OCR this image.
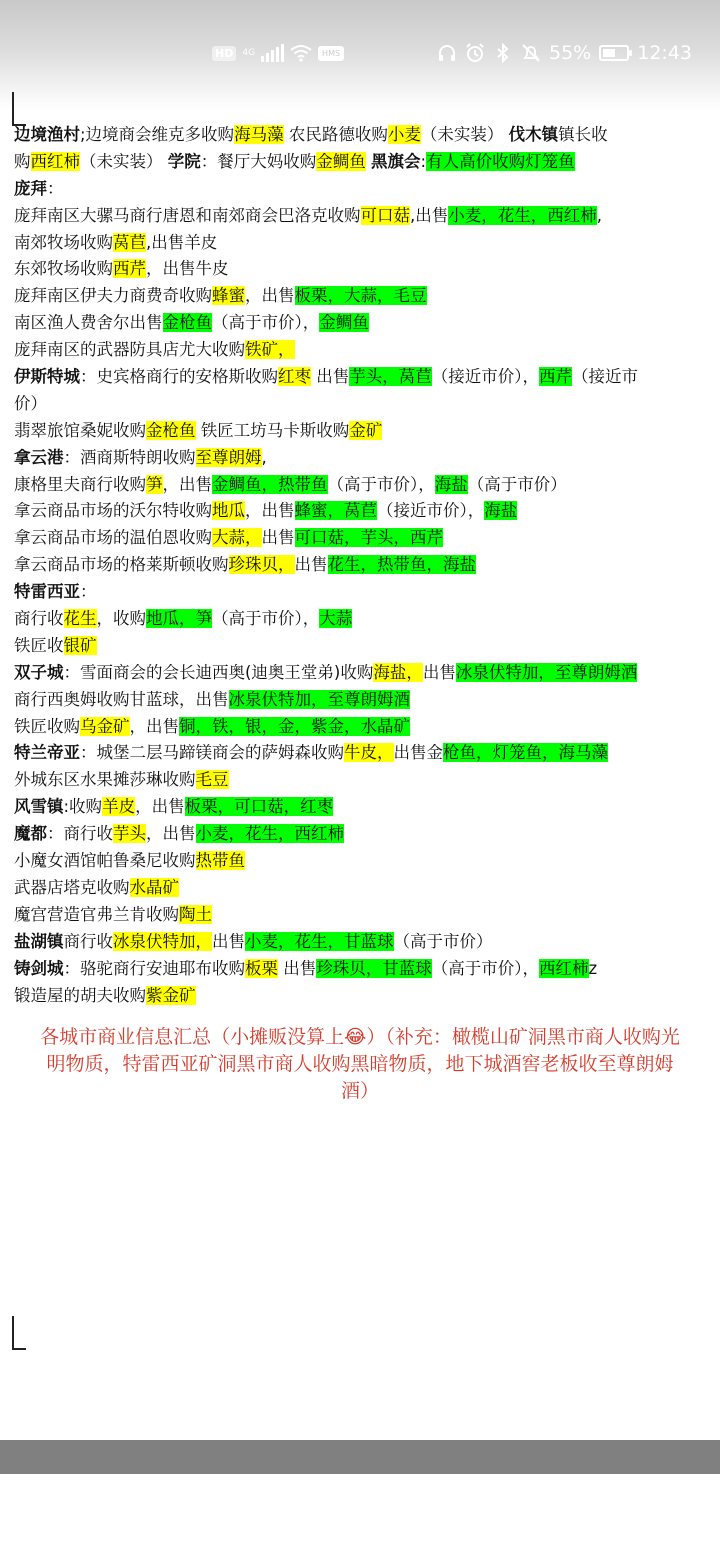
HD	4G	HMS	55% 12:43
边境渔村;边境商会维克多收购海马藻 农民路德收购小麦（未实装） 伐木镇镇长收
购西红柿（未实装） 学院：餐厅大妈收购金鲷鱼 黑旗会:有人高价收购灯笼鱼
庞拜：
庞拜南区大骡马商行唐恩和南郊商会巴洛克收购可口菇,出售小麦，花生，西红柿,
南郊牧场收购莴苣,出售羊皮
东郊牧场收购西芹，出售牛皮
庞拜南区伊夫力商费奇收购蜂蜜，出售板栗，大蒜，毛豆
南区渔人费舍尔出售金枪鱼（高于市价），金鲷鱼
庞拜南区的武器防具店尤大收购铁矿，
伊斯特城：史宾格商行的安格斯收购红枣 出售芋头，莴苣（接近市价），西芹（接近市
价）
翡翠旅馆桑妮收购金枪鱼 铁匠工坊马卡斯收购金矿
拿云港：酒商斯特朗收购至尊朗姆,
康格里夫商行收购笋，出售金鲷鱼，热带鱼（高于市价），海盐（高于市价）
拿云商品市场的沃尔特收购地瓜，出售蜂蜜，莴苣（接近市价），海盐
拿云商品市场的温伯恩收购大蒜，出售可口菇，芋头，西芹
拿云商品市场的格莱斯顿收购珍珠贝，出售花生，热带鱼，海盐
特雷西亚：
商行收花生，收购地瓜，笋（高于市价），大蒜
铁匠收银矿
双子城：雪面商会的会长迪西奥(迪奥王堂弟)收购海盐，出售冰泉伏特加，至尊朗姆酒
商行西奥姆收购甘蓝球，出售冰泉伏特加，至尊朗姆酒
铁匠收购乌金矿，出售铜，铁，银，金，紫金，水晶矿
特兰帝亚：城堡二层马蹄镁商会的萨姆森收购牛皮，出售金枪鱼，灯笼鱼，海马藻
外城东区水果摊莎琳收购毛豆
风雪镇:收购羊皮，出售板栗，可口菇，红枣
魔都：商行收芋头，出售小麦，花生，西红柿
小魔女酒馆帕鲁桑尼收购热带鱼
武器店塔克收购水晶矿
魔宫营造官弗兰肯收购陶土
盐湖镇商行收冰泉伏特加，出售小麦，花生，甘蓝球（高于市价）
铸剑城：骆驼商行安迪耶布收购板栗 出售珍珠贝，甘蓝球（高于市价），西红柿z
锻造屋的胡夫收购紫金矿
各城市商业信息汇总（小摊贩没算上😂）（补充：橄榄山矿洞黑市商人收购光明物质，特雷西亚矿洞黑市商人收购黑暗物质，地下城酒窖老板收至尊朗姆酒）
